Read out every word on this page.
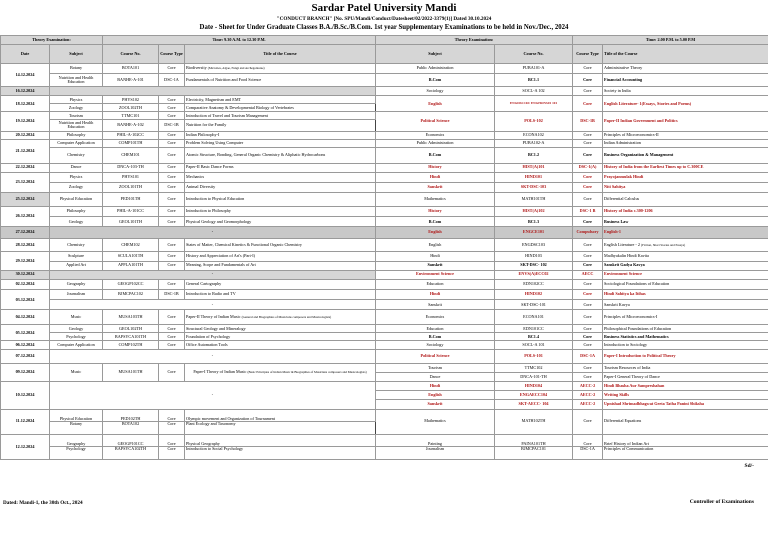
Sardar Patel University Mandi
"CONDUCT BRANCH" [No. SPU/Mandi/Conduct/Datesheet/02/2022-3379(1)] Dated 30.10.2024
Date - Sheet for Under Graduate Classes B.A./B.Sc./B.Com. 1st year Supplementary Examinations to be held in Nov./Dec., 2024
Theory Examination:		Time: 9.30 A.M. to 12.30 P.M.			Theory Examination:		Time: 2.00 P.M. to 5.00 P.M	
Date	Subject	Course No.	Course Type	Title of the Course	Subject	Course No.	Course Type	Title of the Course
14.12.2024	Botany	BOTA101	Core	Biodiversity (Microbes, Algae, Fungi and Archegoniatae)	Public Administration	PUBA101-A	Core	Administrative Theory
	Nutrition and Health Education	BANHE-A-101	DSC-1A	Fundamentals of Nutrition and Food Science	B.Com	BC1.1	Core	Financial Accounting
16.12.2024					Sociology	SOCL-A 102	Core	Society in India
18.12.2024	Physics	PHYS102	Core	Electricity, Magnetism and EMT	English	ENGDSC102/ ENGHONS01 101	Core	English Literature- 1(Essays, Stories and Poems)
	Zoology	ZOOL102TH	Core	Comparative Anatomy & Developmental Biology of Vertebrates				
19.12.2024	Tourism	TTMC101	Core	Introduction of Travel and Tourism Management	Political Science	POLS-102	DSC-1B	Paper-II Indian Government and Politics
	Nutrition and Health Education	BANHE-A-102	DSC-1B	Nutrition for the Family				
20.12.2024	Philosophy	PHIL-A-102CC	Core	Indian Philosophy-I	Economics	ECONA102	Core	Principles of Microeconomics-II
21.12.2024	Computer Application	COMP101TH	Core	Problem Solving Using Computer	Public Administration	PUBA102-A	Core	Indian Administration
	Chemistry	CHEM101	Core	Atomic Structure, Bonding, General Organic Chemistry & Aliphatic Hydrocarbons	B.Com	BC1.2	Core	Business Organization & Management
22.12.2024	Dance	DNCA-103-TH	Core	Paper-II Basic Dance Forms	History	HIST(A)101	DSC-1(A)	History of India from the Earliest Times up to C.300CE
23.12.2024	Physics	PHYS101	Core	Mechanics	Hindi	HIND101	Core	Prayojanmulak Hindi
	Zoology	ZOOL101TH	Core	Animal Diversity	Sanskrit	SKT-DSC-103	Core	Niti Sahitya
25.12.2024	Physical Education	PED101TH	Core	Introduction to Physical Education	Mathematics	MATH101TH	Core	Differential Calculus
26.12.2024	Philosophy	PHIL-A-101CC	Core	Introduction to Philosophy	History	HIST(A)102	DSC-1 B	History of India c.300-1206
	Geology	GEOL101TH	Core	Physical Geology and Geomorphology	B.Com	BC1.3	Core	Business Law
27.12.2024	-				English	ENGCE101	Compulsory	English-1
28.12.2024	Chemistry	CHEM102	Core	States of Matter, Chemical Kinetics & Functional Organic Chemistry	English	ENGDSC103	Core	English Literature - 2 (Fiction, Short Stories and Essays)
29.12.2024	Sculpture	SCULA101TH	Core	History and Appreciation of Art's (Part-I)	Hindi	HIND103	Core	Madhyakalin Hindi Kavita
	Applied Art	APPLA101TH	Core	Meaning, Scope and Fundamentals of Art	Sanskrit	SKT-DSC- 102	Core	Sanskrit Gadya Kavya
30.12.2024	-				Environment Science	ENVS(A)ECC02	AECC	Environment Science
02.12.2024	Geography	GEOGP102CC	Core	General Cartography	Education	EDN102CC	Core	Sociological Foundations of Education
03.12.2024	Journalism	BJMCPAC102	DSC-1B	Introduction to Radio and TV	Hindi	HIND102	Core	Hindi Sahitya ka Itihas
	-				Sanskrit	SKT-DSC-101	Core	Sanskrit Kavya
04.12.2024	Music	MUSA103TH	Core	Paper-II Theory of Indian Music (General and Biographies of Musicians composers and Musicologists)	Economics	ECONA101	Core	Principles of Microeconomics-I
05.12.2024	Geology	GEOL102TH	Core	Structural Geology and Mineralogy	Education	EDN101CC	Core	Philosophical Foundations of Education
	Psychology	BAPSYCA101TH	Core	Foundation of Psychology	B.Com	BC1.4	Core	Business Statistics and Mathematics
06.12.2024	Computer Application	COMP102TH	Core	Office Automation Tools	Sociology	SOCL-A 101	Core	Introduction to Sociology
07.12.2024	-				Political Science	POLS-101	DSC-1A	Paper-I Introduction to Political Theory
09.12.2024	Music	MUSA101TH	Core	Paper-I Theory of Indian Music (Basic Principles of Indian Music & Biographies of Musicians composers and Musicologists)	Tourism	TTMC102	Core	Tourism Resources of India
					Dance	DNCA-101-TH	Core	Paper-I General Theory of Dance
10.12.2024	-				Hindi	HIND104	AECC-2	Hindi Bhasha Aur Sampreshahan
					English	ENGAECC104	AECC-2	Writing Skills
					Sanskrit	SKT-AECC- 104	AECC-2	Upnishad Shrimadbhagwat Geeta Tatha Panini Shiksha
11.12.2024	Physical Education	PED102TH	Core	Olympic movement and Organization of Tournament	Mathematics	MATH102TH	Core	Differential Equations
	Botany	BOTA102	Core	Plant Ecology and Taxonomy				
12.12.2024	Geography	GEOGP101CC	Core	Physical Geography	Painting	PAINA101TH	Core	Brief History of Indian Art
	Psychology	BAPSYCA102TH	Core	Introduction to Social Psychology	Journalism	BJMCPAC101	DSC-1A	Principles of Communication
Sd/-
Dated: Mandi-1, the 30th Oct., 2024	Controller of Examinations
